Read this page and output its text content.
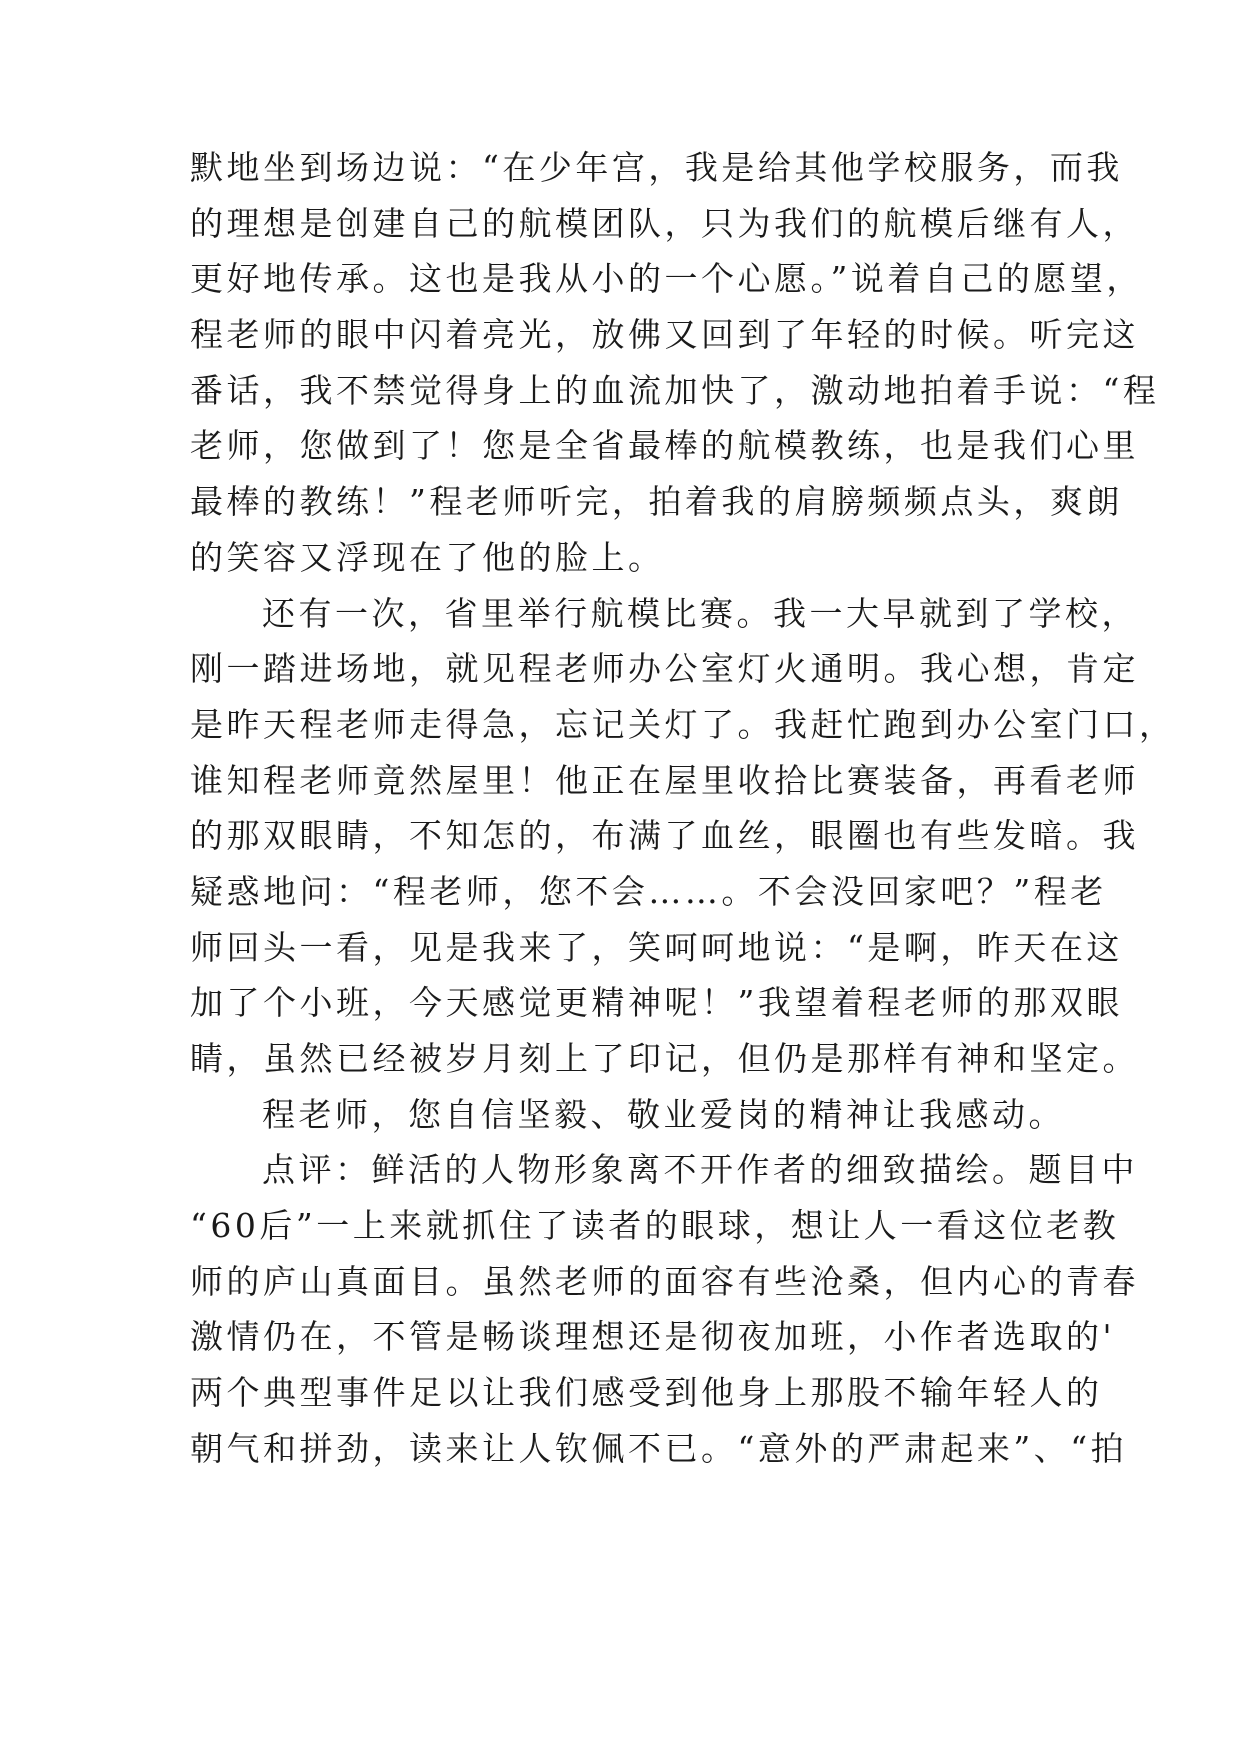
默地坐到场边说：“在少年宫，我是给其他学校服务，而我
的理想是创建自己的航模团队，只为我们的航模后继有人，
更好地传承。这也是我从小的一个心愿。”说着自己的愿望，
程老师的眼中闪着亮光，放佛又回到了年轻的时候。听完这
番话，我不禁觉得身上的血流加快了，激动地拍着手说：“程
老师，您做到了！您是全省最棒的航模教练，也是我们心里
最棒的教练！”程老师听完，拍着我的肩膀频频点头，爽朗
的笑容又浮现在了他的脸上。
还有一次，省里举行航模比赛。我一大早就到了学校，
刚一踏进场地，就见程老师办公室灯火通明。我心想，肯定
是昨天程老师走得急，忘记关灯了。我赶忙跑到办公室门口，
谁知程老师竟然屋里！他正在屋里收拾比赛装备，再看老师
的那双眼睛，不知怎的，布满了血丝，眼圈也有些发暗。我
疑惑地问：“程老师，您不会……。不会没回家吧？”程老
师回头一看，见是我来了，笑呵呵地说：“是啊，昨天在这
加了个小班，今天感觉更精神呢！”我望着程老师的那双眼
睛，虽然已经被岁月刻上了印记，但仍是那样有神和坚定。
程老师，您自信坚毅、敬业爱岗的精神让我感动。
点评：鲜活的人物形象离不开作者的细致描绘。题目中
“60后”一上来就抓住了读者的眼球，想让人一看这位老教
师的庐山真面目。虽然老师的面容有些沧桑，但内心的青春
激情仍在，不管是畅谈理想还是彻夜加班，小作者选取的'
两个典型事件足以让我们感受到他身上那股不输年轻人的
朝气和拼劲，读来让人钦佩不已。“意外的严肃起来”、“拍
